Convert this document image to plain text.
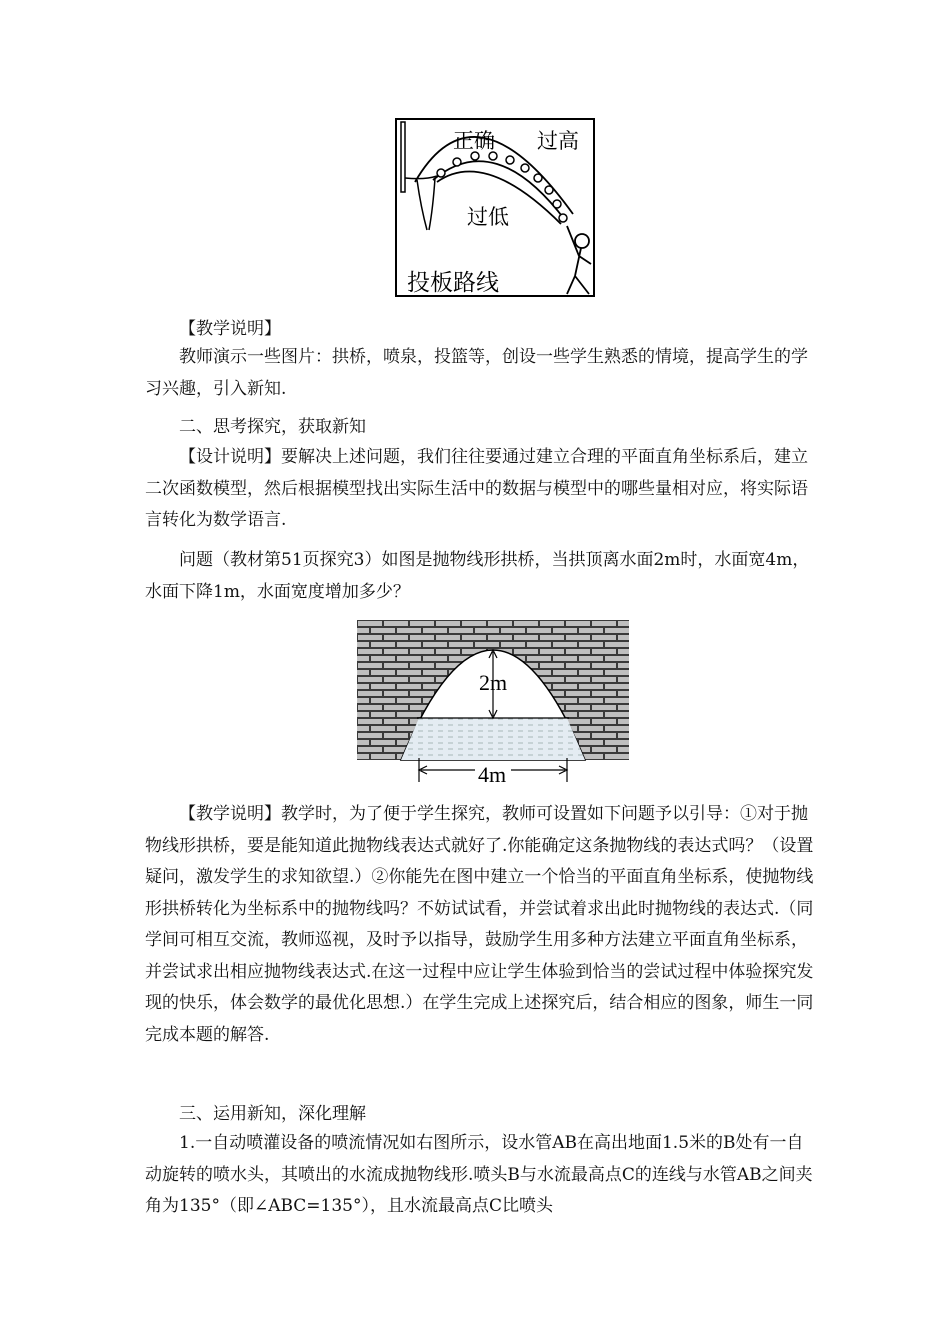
正确 过高
过低
投板路线

【教学说明】

教师演示一些图片：拱桥，喷泉，投篮等，创设一些学生熟悉的情境，提高学生的学习兴趣，引入新知.

二、思考探究，获取新知

【设计说明】要解决上述问题，我们往往要通过建立合理的平面直角坐标系后，建立二次函数模型，然后根据模型找出实际生活中的数据与模型中的哪些量相对应，将实际语言转化为数学语言.

问题（教材第51页探究3）如图是抛物线形拱桥，当拱顶离水面2m时，水面宽4m，水面下降1m，水面宽度增加多少？

2m
4m

【教学说明】教学时，为了便于学生探究，教师可设置如下问题予以引导：①对于抛物线形拱桥，要是能知道此抛物线表达式就好了.你能确定这条抛物线的表达式吗？（设置疑问，激发学生的求知欲望.）②你能先在图中建立一个恰当的平面直角坐标系，使抛物线形拱桥转化为坐标系中的抛物线吗？不妨试试看，并尝试着求出此时抛物线的表达式.（同学间可相互交流，教师巡视，及时予以指导，鼓励学生用多种方法建立平面直角坐标系，并尝试求出相应抛物线表达式.在这一过程中应让学生体验到恰当的尝试过程中体验探究发现的快乐，体会数学的最优化思想.）在学生完成上述探究后，结合相应的图象，师生一同完成本题的解答.

三、运用新知，深化理解

1.一自动喷灌设备的喷流情况如右图所示，设水管AB在高出地面1.5米的B处有一自动旋转的喷水头，其喷出的水流成抛物线形.喷头B与水流最高点C的连线与水管AB之间夹角为135°（即∠ABC=135°），且水流最高点C比喷头
